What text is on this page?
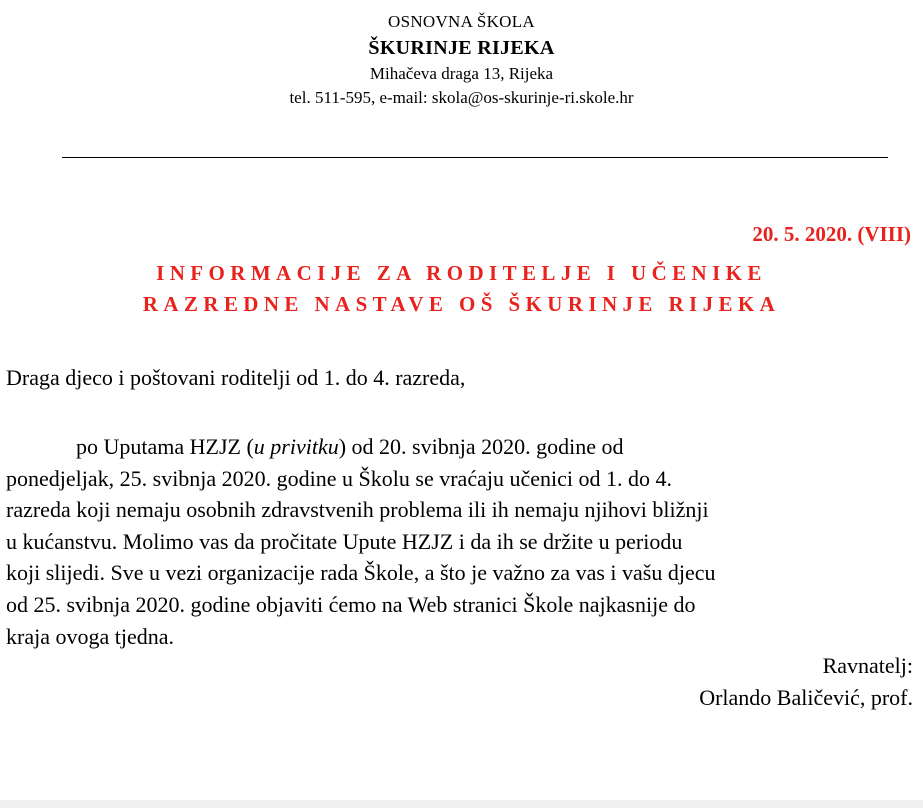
OSNOVNA ŠKOLA
ŠKURINJE RIJEKA
Mihačeva draga 13, Rijeka
tel. 511-595, e-mail: skola@os-skurinje-ri.skole.hr
20. 5. 2020. (VIII)
INFORMACIJE ZA RODITELJE I UČENIKE
RAZREDNE NASTAVE OŠ ŠKURINJE RIJEKA
Draga djeco i poštovani roditelji od 1. do 4. razreda,
po Uputama HZJZ (u privitku) od 20. svibnja 2020. godine od
ponedjeljak, 25. svibnja 2020. godine u Školu se vraćaju učenici od 1. do 4.
razreda koji nemaju osobnih zdravstvenih problema ili ih nemaju njihovi bližnji
u kućanstvu. Molimo vas da pročitate Upute HZJZ i da ih se držite u periodu
koji slijedi. Sve u vezi organizacije rada Škole, a što je važno za vas i vašu djecu
od 25. svibnja 2020. godine objaviti ćemo na Web stranici Škole najkasnije do
kraja ovoga tjedna.
Ravnatelj:
Orlando Baličević, prof.
